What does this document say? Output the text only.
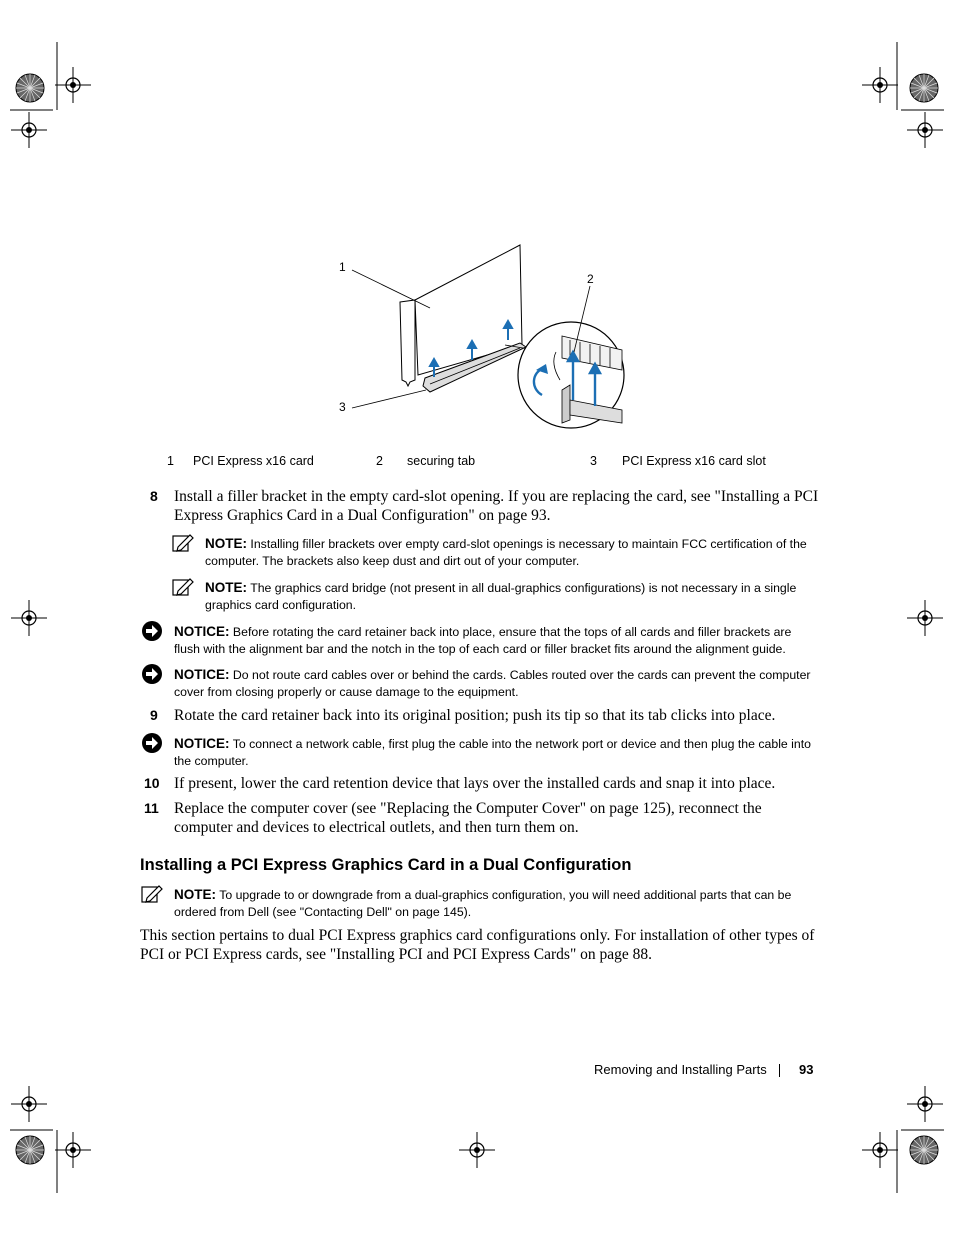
1
2
3
1 PCI Express x16 card	2 securing tab	3 PCI Express x16 card slot
8 Install a filler bracket in the empty card-slot opening. If you are replacing the card, see "Installing a PCI Express Graphics Card in a Dual Configuration" on page 93.
NOTE: Installing filler brackets over empty card-slot openings is necessary to maintain FCC certification of the computer. The brackets also keep dust and dirt out of your computer.
NOTE: The graphics card bridge (not present in all dual-graphics configurations) is not necessary in a single graphics card configuration.
NOTICE: Before rotating the card retainer back into place, ensure that the tops of all cards and filler brackets are flush with the alignment bar and the notch in the top of each card or filler bracket fits around the alignment guide.
NOTICE: Do not route card cables over or behind the cards. Cables routed over the cards can prevent the computer cover from closing properly or cause damage to the equipment.
9 Rotate the card retainer back into its original position; push its tip so that its tab clicks into place.
NOTICE: To connect a network cable, first plug the cable into the network port or device and then plug the cable into the computer.
10 If present, lower the card retention device that lays over the installed cards and snap it into place.
11 Replace the computer cover (see "Replacing the Computer Cover" on page 125), reconnect the computer and devices to electrical outlets, and then turn them on.
Installing a PCI Express Graphics Card in a Dual Configuration
NOTE: To upgrade to or downgrade from a dual-graphics configuration, you will need additional parts that can be ordered from Dell (see "Contacting Dell" on page 145).
This section pertains to dual PCI Express graphics card configurations only. For installation of other types of PCI or PCI Express cards, see "Installing PCI and PCI Express Cards" on page 88.
Removing and Installing Parts 93
